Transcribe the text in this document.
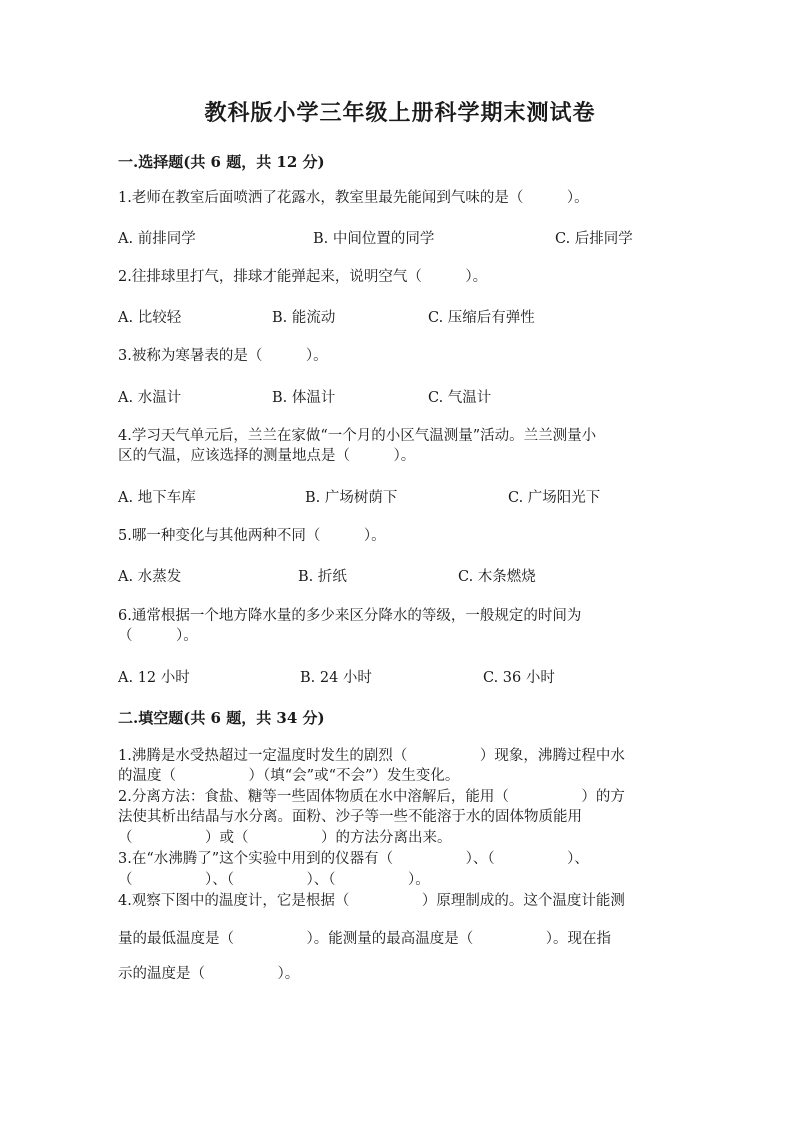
教科版小学三年级上册科学期末测试卷
一.选择题(共 6 题，共 12 分)
1.老师在教室后面喷洒了花露水，教室里最先能闻到气味的是（　　　）。
A. 前排同学	B. 中间位置的同学	C. 后排同学
2.往排球里打气，排球才能弹起来，说明空气（　　　）。
A. 比较轻	B. 能流动	C. 压缩后有弹性
3.被称为寒暑表的是（　　　）。
A. 水温计	B. 体温计	C. 气温计
4.学习天气单元后，兰兰在家做“一个月的小区气温测量”活动。兰兰测量小
区的气温，应该选择的测量地点是（　　　）。
A. 地下车库	B. 广场树荫下	C. 广场阳光下
5.哪一种变化与其他两种不同（　　　）。
A. 水蒸发	B. 折纸	C. 木条燃烧
6.通常根据一个地方降水量的多少来区分降水的等级，一般规定的时间为
（　　　）。
A. 12 小时	B. 24 小时	C. 36 小时
二.填空题(共 6 题，共 34 分)
1.沸腾是水受热超过一定温度时发生的剧烈（　　　　　）现象，沸腾过程中水
的温度（　　　　　）（填“会”或“不会”）发生变化。
2.分离方法：食盐、糖等一些固体物质在水中溶解后，能用（　　　　　）的方
法使其析出结晶与水分离。面粉、沙子等一些不能溶于水的固体物质能用
（　　　　　）或（　　　　　）的方法分离出来。
3.在“水沸腾了”这个实验中用到的仪器有（　　　　　）、（　　　　　）、
（　　　　　）、（　　　　　）、（　　　　　）。
4.观察下图中的温度计，它是根据（　　　　　）原理制成的。这个温度计能测
量的最低温度是（　　　　　）。能测量的最高温度是（　　　　　）。现在指
示的温度是（　　　　　）。
